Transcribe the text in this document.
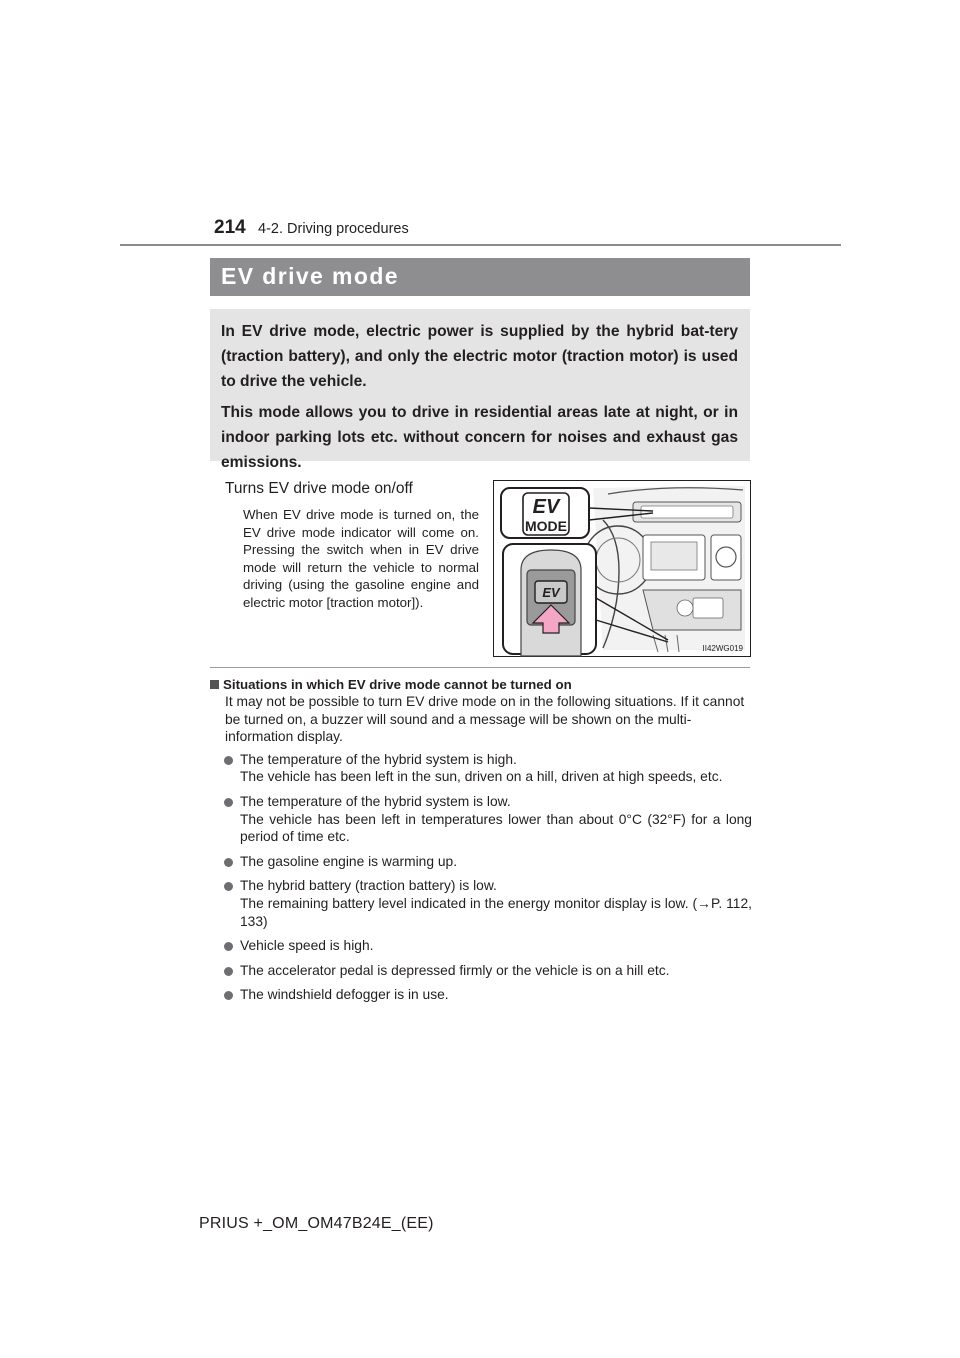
214 4-2. Driving procedures
EV drive mode

In EV drive mode, electric power is supplied by the hybrid bat-tery (traction battery), and only the electric motor (traction motor) is used to drive the vehicle.

This mode allows you to drive in residential areas late at night, or in indoor parking lots etc. without concern for noises and exhaust gas emissions.

Turns EV drive mode on/off
When EV drive mode is turned on, the EV drive mode indicator will come on. Pressing the switch when in EV drive mode will return the vehicle to normal driving (using the gasoline engine and electric motor [traction motor]).
EV
MODE
EV
II42WG019

Situations in which EV drive mode cannot be turned on

It may not be possible to turn EV drive mode on in the following situations. If it cannot be turned on, a buzzer will sound and a message will be shown on the multi-information display.

The temperature of the hybrid system is high.
The vehicle has been left in the sun, driven on a hill, driven at high speeds, etc.
The temperature of the hybrid system is low.
The vehicle has been left in temperatures lower than about 0°C (32°F) for a long period of time etc.
The gasoline engine is warming up.
The hybrid battery (traction battery) is low.
The remaining battery level indicated in the energy monitor display is low. (→P. 112, 133)
Vehicle speed is high.
The accelerator pedal is depressed firmly or the vehicle is on a hill etc.
The windshield defogger is in use.
PRIUS +_OM_OM47B24E_(EE)
